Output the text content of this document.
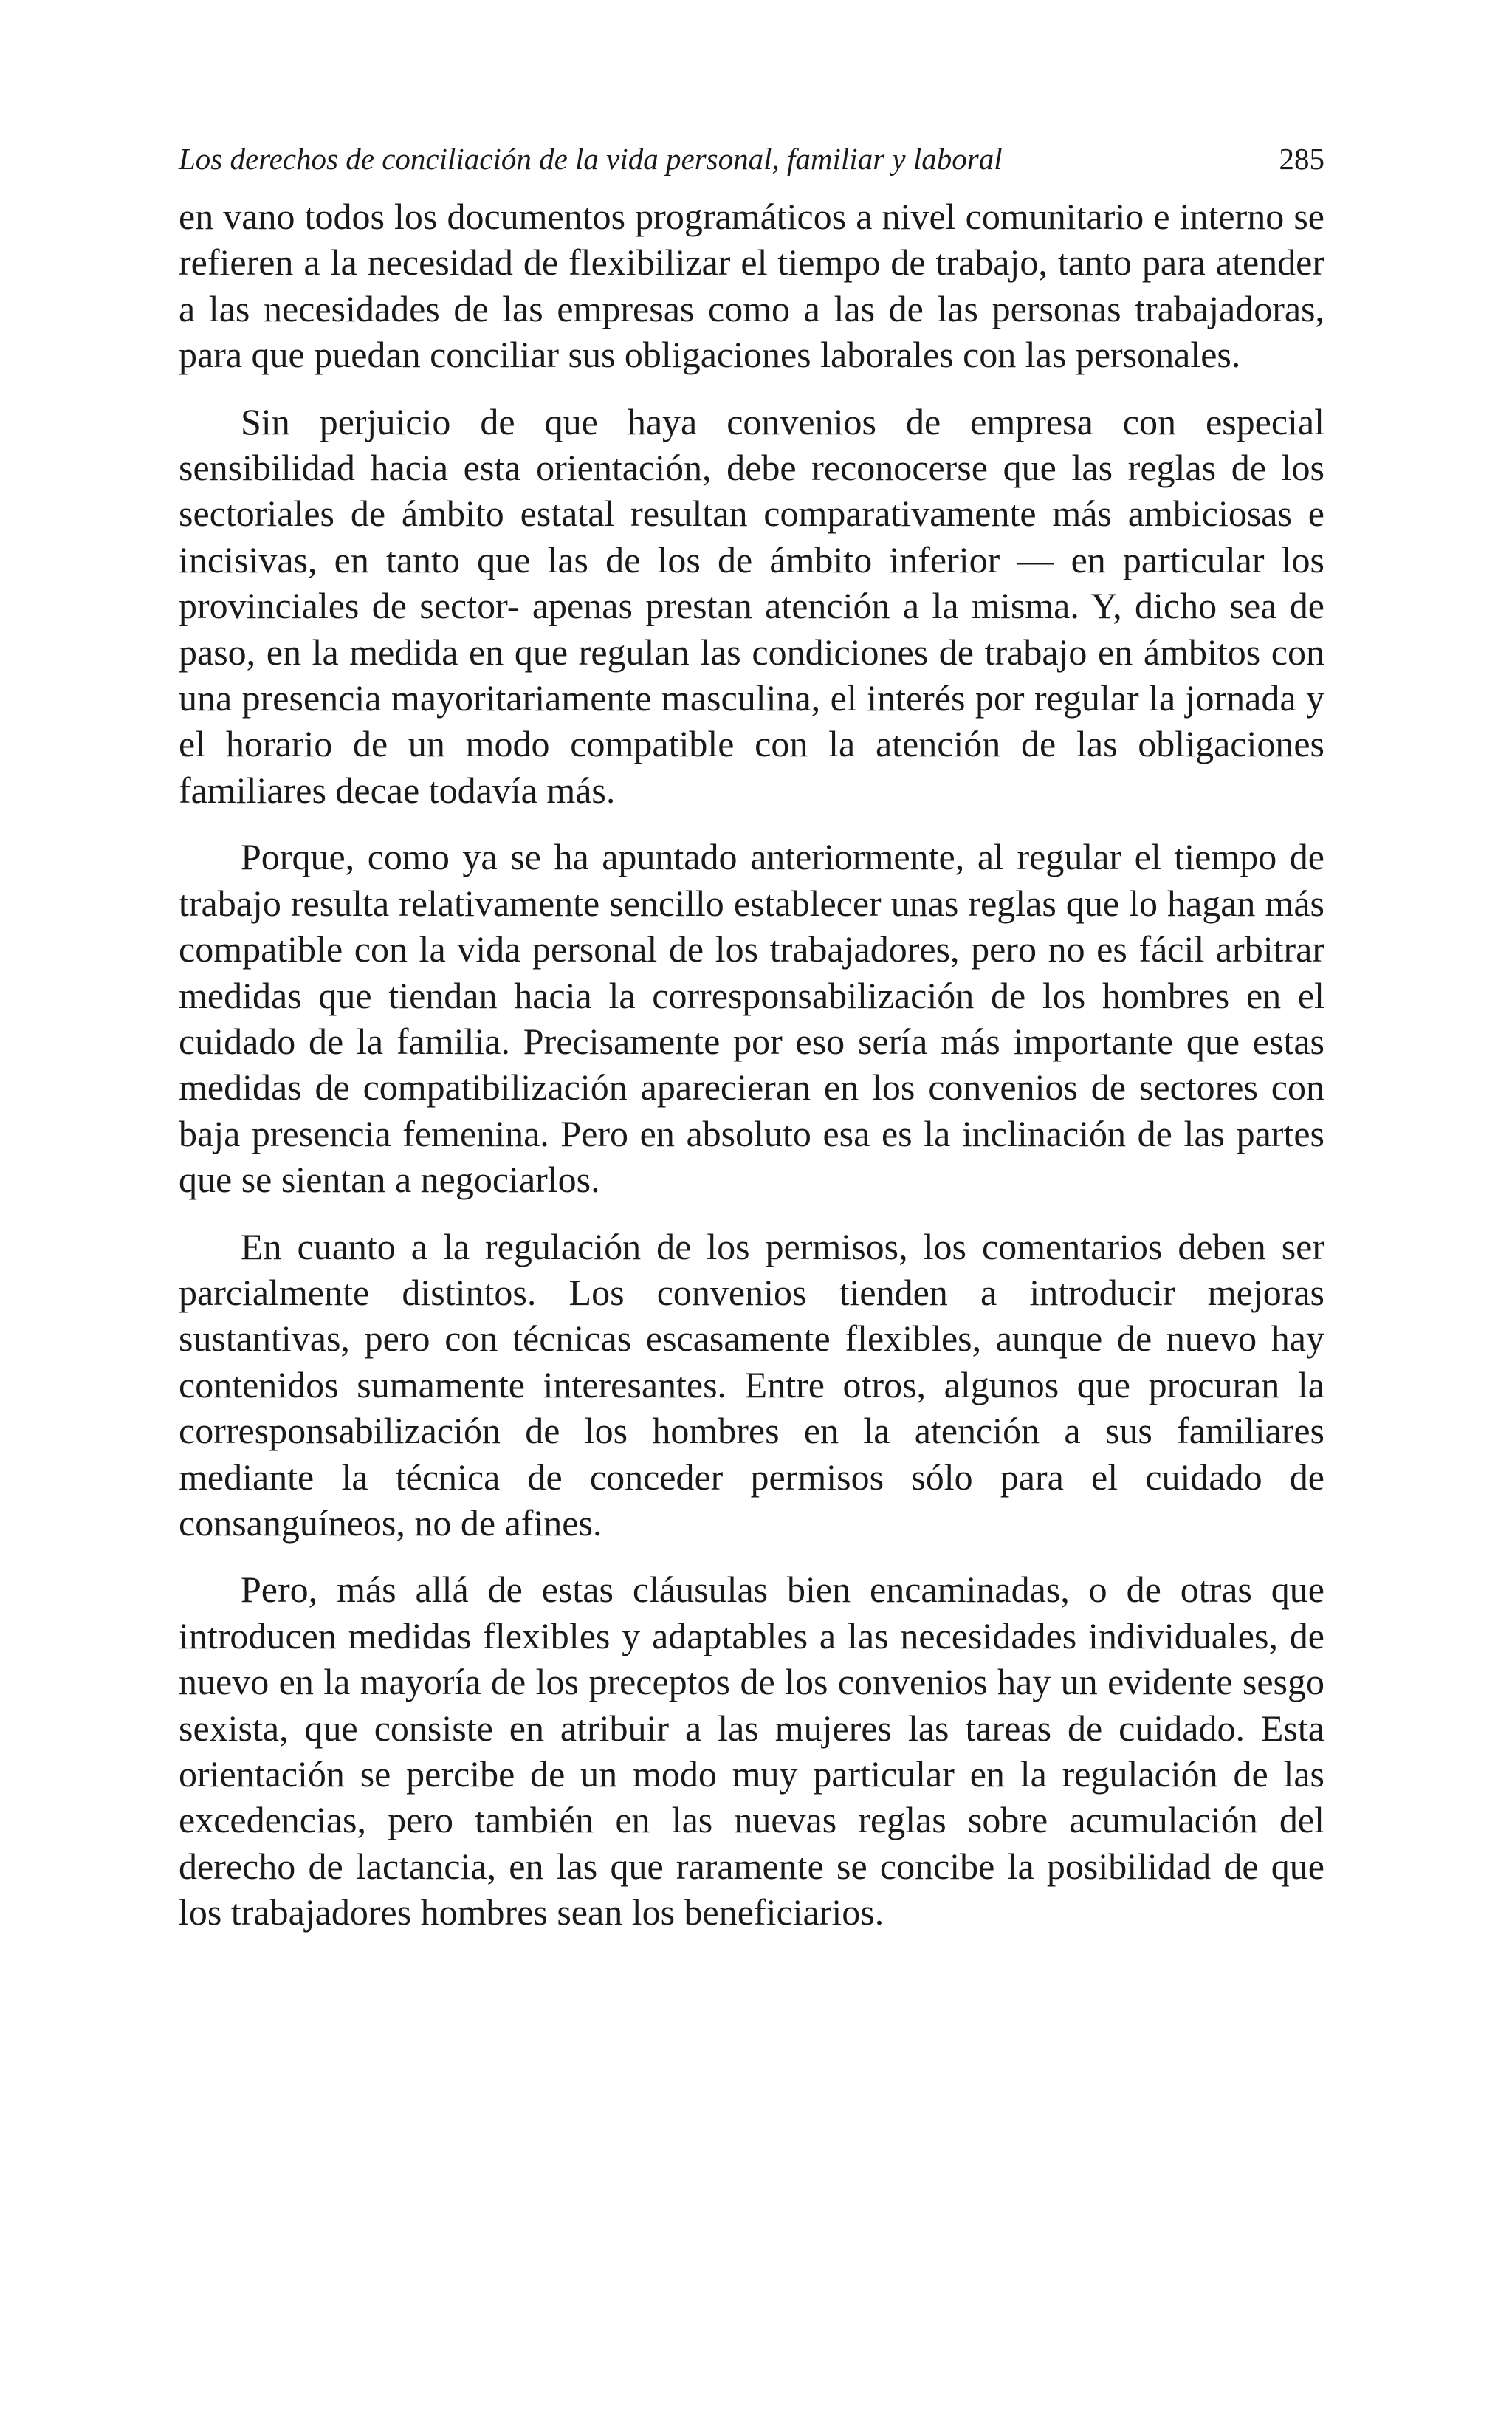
Los derechos de conciliación de la vida personal, familiar y laboral	285

en vano todos los documentos programáticos a nivel comunitario e interno se refieren a la necesidad de flexibilizar el tiempo de trabajo, tanto para atender a las necesidades de las empresas como a las de las personas trabajadoras, para que puedan conciliar sus obligaciones laborales con las personales.

Sin perjuicio de que haya convenios de empresa con especial sensibilidad hacia esta orientación, debe reconocerse que las reglas de los sectoriales de ámbito estatal resultan comparativamente más ambiciosas e incisivas, en tanto que las de los de ámbito inferior — en particular los provinciales de sector- apenas prestan atención a la misma. Y, dicho sea de paso, en la medida en que regulan las condiciones de trabajo en ámbitos con una presencia mayoritariamente masculina, el interés por regular la jornada y el horario de un modo compatible con la atención de las obligaciones familiares decae todavía más.

Porque, como ya se ha apuntado anteriormente, al regular el tiempo de trabajo resulta relativamente sencillo establecer unas reglas que lo hagan más compatible con la vida personal de los trabajadores, pero no es fácil arbitrar medidas que tiendan hacia la corresponsabilización de los hombres en el cuidado de la familia. Precisamente por eso sería más importante que estas medidas de compatibilización aparecieran en los convenios de sectores con baja presencia femenina. Pero en absoluto esa es la inclinación de las partes que se sientan a negociarlos.

En cuanto a la regulación de los permisos, los comentarios deben ser parcialmente distintos. Los convenios tienden a introducir mejoras sustantivas, pero con técnicas escasamente flexibles, aunque de nuevo hay contenidos sumamente interesantes. Entre otros, algunos que procuran la corresponsabilización de los hombres en la atención a sus familiares mediante la técnica de conceder permisos sólo para el cuidado de consanguíneos, no de afines.

Pero, más allá de estas cláusulas bien encaminadas, o de otras que introducen medidas flexibles y adaptables a las necesidades individuales, de nuevo en la mayoría de los preceptos de los convenios hay un evidente sesgo sexista, que consiste en atribuir a las mujeres las tareas de cuidado. Esta orientación se percibe de un modo muy particular en la regulación de las excedencias, pero también en las nuevas reglas sobre acumulación del derecho de lactancia, en las que raramente se concibe la posibilidad de que los trabajadores hombres sean los beneficiarios.
